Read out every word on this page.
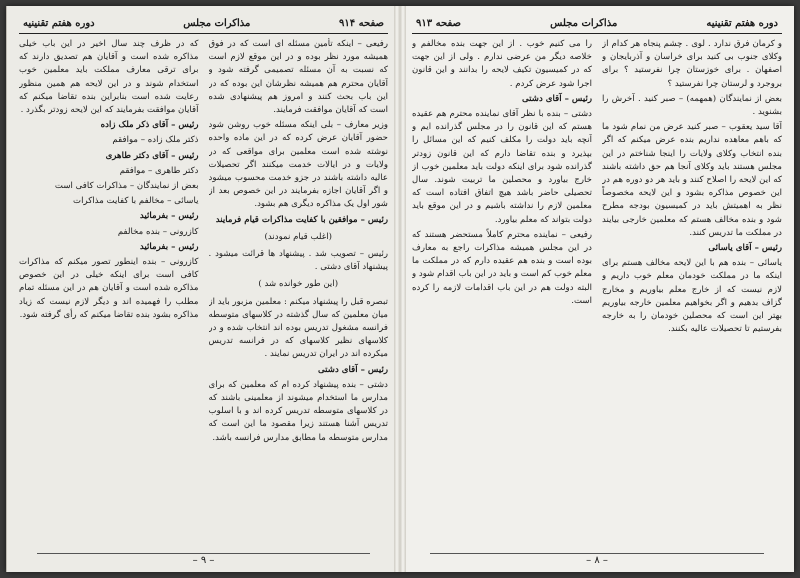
صفحه ۹۱۴
مذاکرات مجلس
دوره هفتم تقنینیه

رفیعی – اینکه تأمین مسئله ای است که در فوق همیشه مورد نظر بوده و در این موقع لازم است که نسبت به آن مسئله تصمیمی گرفته شود و آقایان محترم هم همیشه نظرشان این بوده که در این باب بحث کنند و امروز هم پیشنهادی شده است که آقایان موافقت فرمایند.

وزیر معارف – بلی اینکه مسئله خوب روشن شود حضور آقایان عرض کرده که در این ماده واحده نوشته شده است معلمین برای مواقعی که در ولایات و در ایالات خدمت میکنند اگر تحصیلات عالیه داشته باشند در جزو خدمت محسوب میشود و اگر آقایان اجازه بفرمایند در این خصوص بعد از شور اول یک مذاکره دیگری هم بشود.

رئیس – موافقین با کفایت مذاکرات قیام فرمایند

(اغلب قیام نمودند)

رئیس – تصویب شد . پیشنهاد ها قرائت میشود . پیشنهاد آقای دشتی .

(این طور خوانده شد )

تبصره قبل را پیشنهاد میکنم : معلمین مزبور باید از میان معلمین که سال گذشته در کلاسهای متوسطه فرانسه مشغول تدریس بوده اند انتخاب شده و در کلاسهای نظیر کلاسهای که در فرانسه تدریس میکرده اند در ایران تدریس نمایند .

رئیس – آقای دشتی

دشتی – بنده پیشنهاد کرده ام که معلمین که برای مدارس ما استخدام میشوند از معلمینی باشند که در کلاسهای متوسطه تدریس کرده اند و با اسلوب تدریس آشنا هستند زیرا مقصود ما این است که مدارس متوسطه ما مطابق مدارس فرانسه باشد.

که در ظرف چند سال اخیر در این باب خیلی مذاکره شده است و آقایان هم تصدیق دارند که برای ترقی معارف مملکت باید معلمین خوب استخدام شوند و در این لایحه هم همین منظور رعایت شده است بنابراین بنده تقاضا میکنم که آقایان موافقت بفرمایند که این لایحه زودتر بگذرد .

رئیس – آقای ذکر ملک زاده

ذکتر ملک زاده – موافقم

رئیس – آقای دکتر طاهری

دکتر طاهری – موافقم

بعض از نمایندگان – مذاکرات کافی است

یاسائی – مخالفم با کفایت مذاکرات

رئیس – بفرمائید

کازرونی – بنده مخالفم

رئیس – بفرمائید

کازرونی – بنده اینطور تصور میکنم که مذاکرات کافی است برای اینکه خیلی در این خصوص مذاکره شده است و آقایان هم در این مسئله تمام مطلب را فهمیده اند و دیگر لازم نیست که زیاد مذاکره بشود بنده تقاضا میکنم که رأی گرفته شود.

– ۹ –
دوره هفتم تقنینیه
مذاکرات مجلس
صفحه ۹۱۳

و کرمان فرق ندارد . لوی . چشم پنجاه هر کدام از وکلای جنوب بی کنید برای خراسان و آذربایجان و اصفهان . برای خوزستان چرا نفرستید ؟ برای بروجرد و لرستان چرا نفرستید ؟

بعض از نمایندگان (همهمه) – صبر کنید . آخرش را بشنوید .

آقا سید یعقوب – صبر کنید عرض من نمام شود ما که باهم معاهده نداریم بنده عرض میکنم که اگر بنده انتخاب وکلای ولایات را اینجا شناختم در این مجلس هستند باید وکلای آنجا هم حق داشته باشند که این لایحه را اصلاح کنند و باید هر دو دوره هم در این خصوص مذاکره بشود و این لایحه مخصوصاً نظر به اهمیتش باید در کمیسیون بودجه مطرح شود و بنده مخالف هستم که معلمین خارجی بیایند در مملکت ما تدریس کنند.

رئیس – آقای یاسائی

یاسائی – بنده هم با این لایحه مخالف هستم برای اینکه ما در مملکت خودمان معلم خوب داریم و لازم نیست که از خارج معلم بیاوریم و مخارج گزاف بدهیم و اگر بخواهیم معلمین خارجه بیاوریم بهتر این است که محصلین خودمان را به خارجه بفرستیم تا تحصیلات عالیه بکنند.

را می کنیم خوب . از این جهت بنده مخالفم و خلاصه دیگر من عرضی ندارم . ولی از این جهت که در کمیسیون تکیف لایحه را بدانند و این قانون اجرا شود عرض کردم .

رئیس – آقای دشتی

دشتی – بنده با نظر آقای نماینده محترم هم عقیده هستم که این قانون را در مجلس گذرانده ایم و آنچه باید دولت را مکلف کنیم که این مسائل را بپذیرد و بنده تقاضا دارم که این قانون زودتر گذرانده شود برای اینکه دولت باید معلمین خوب از خارج بیاورد و محصلین ما تربیت شوند. سال تحصیلی حاضر باشد هیچ اتفاق افتاده است که معلمین لازم را نداشته باشیم و در این موقع باید دولت بتواند که معلم بیاورد.

رفیعی – نماینده محترم کاملاً مستحضر هستند که در این مجلس همیشه مذاکرات راجع به معارف بوده است و بنده هم عقیده دارم که در مملکت ما معلم خوب کم است و باید در این باب اقدام شود و البته دولت هم در این باب اقدامات لازمه را کرده است.

– ۸ –
